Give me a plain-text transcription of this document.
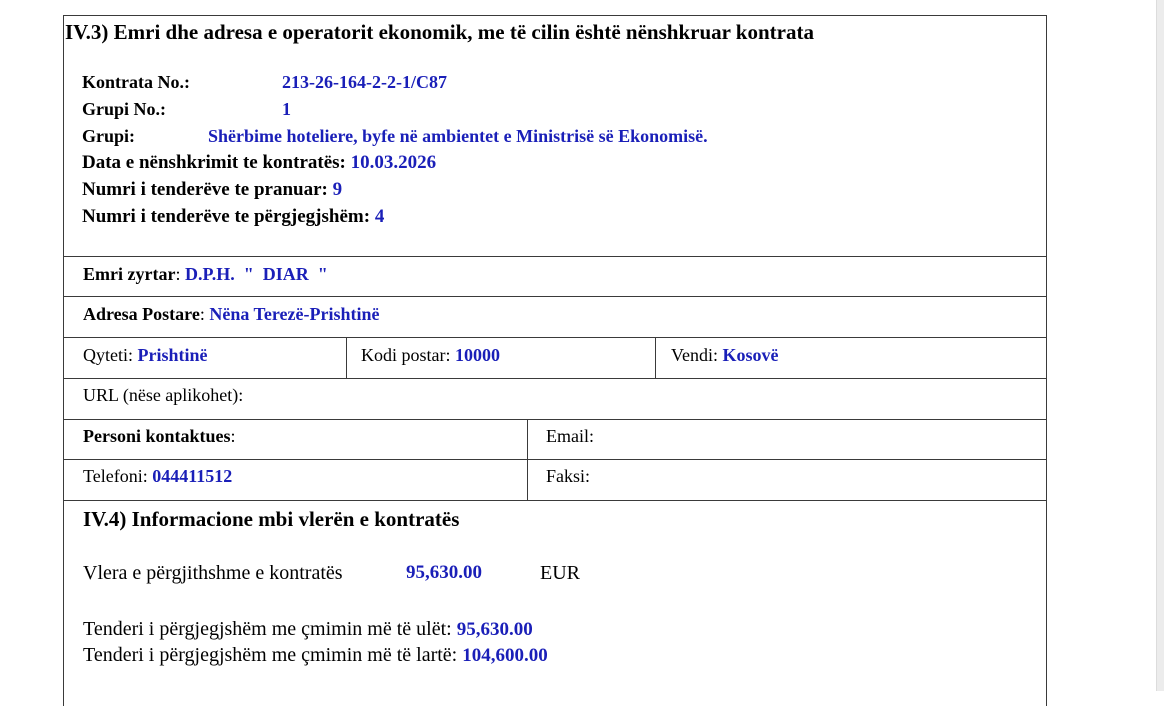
IV.3) Emri dhe adresa e operatorit ekonomik, me të cilin është nënshkruar kontrata
Kontrata No.:	213-26-164-2-2-1/C87
Grupi No.:	1
Grupi:	Shërbime hoteliere, byfe në ambientet e Ministrisë së Ekonomisë.
Data e nënshkrimit te kontratës: 10.03.2026
Numri i tenderëve te pranuar: 9
Numri i tenderëve te përgjegjshëm: 4
Emri zyrtar: D.P.H.  "  DIAR  "
Adresa Postare: Nëna Terezë-Prishtinë
Qyteti: Prishtinë	Kodi postar: 10000	Vendi: Kosovë
URL (nëse aplikohet):
Personi kontaktues:	Email:
Telefoni: 044411512	Faksi:
IV.4) Informacione mbi vlerën e kontratës
Vlera e përgjithshme e kontratës	95,630.00	EUR
Tenderi i përgjegjshëm me çmimin më të ulët: 95,630.00
Tenderi i përgjegjshëm me çmimin më të lartë: 104,600.00
